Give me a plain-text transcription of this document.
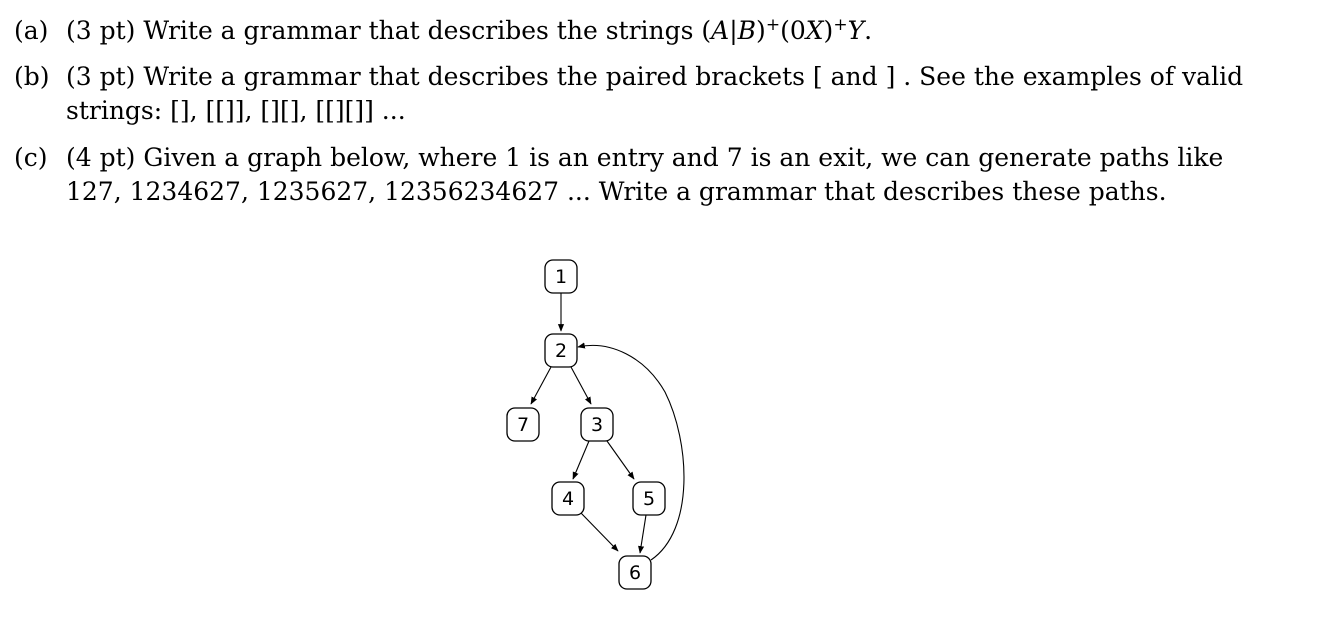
(a) (3 pt) Write a grammar that describes the strings (A|B)+(0X)+Y.
(b) (3 pt) Write a grammar that describes the paired brackets [ and ] . See the examples of valid strings: [], [[]], [][], [[][]] ...
(c) (4 pt) Given a graph below, where 1 is an entry and 7 is an exit, we can generate paths like 127, 1234627, 1235627, 12356234627 ... Write a grammar that describes these paths.
1
2
7	3
4	5
6
